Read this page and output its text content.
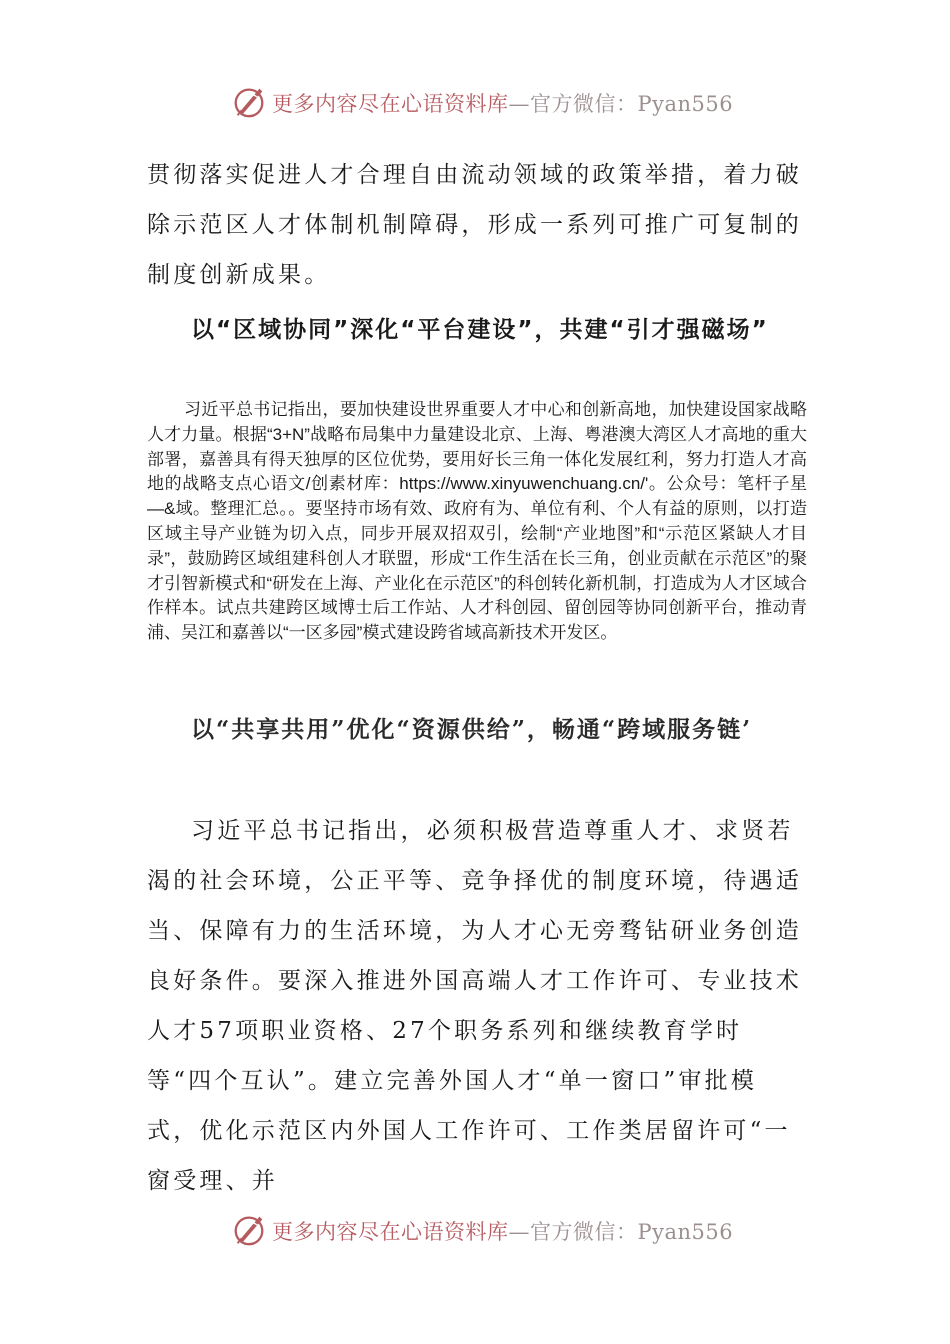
更多内容尽在心语资料库—官方微信：Pyan556
贯彻落实促进人才合理自由流动领域的政策举措，着力破除示范区人才体制机制障碍，形成一系列可推广可复制的制度创新成果。
以“区域协同”深化“平台建设”，共建“引才强磁场”
习近平总书记指出，要加快建设世界重要人才中心和创新高地，加快建设国家战略人才力量。根据“3+N”战略布局集中力量建设北京、上海、粤港澳大湾区人才高地的重大部署，嘉善具有得天独厚的区位优势，要用好长三角一体化发展红利，努力打造人才高地的战略支点心语文/创素材库：https://www.xinyuwenchuang.cn/'。公众号：笔杆子星—&域。整理汇总。。要坚持市场有效、政府有为、单位有利、个人有益的原则，以打造区域主导产业链为切入点，同步开展双招双引，绘制“产业地图”和“示范区紧缺人才目录”，鼓励跨区域组建科创人才联盟，形成“工作生活在长三角，创业贡献在示范区”的聚才引智新模式和“研发在上海、产业化在示范区”的科创转化新机制，打造成为人才区域合作样本。试点共建跨区域博士后工作站、人才科创园、留创园等协同创新平台，推动青浦、吴江和嘉善以“一区多园”模式建设跨省域高新技术开发区。
以“共享共用”优化“资源供给”，畅通“跨域服务链’
习近平总书记指出，必须积极营造尊重人才、求贤若渴的社会环境，公正平等、竞争择优的制度环境，待遇适当、保障有力的生活环境，为人才心无旁骛钻研业务创造良好条件。要深入推进外国高端人才工作许可、专业技术人才57项职业资格、27个职务系列和继续教育学时等“四个互认”。建立完善外国人才“单一窗口”审批模式，优化示范区内外国人工作许可、工作类居留许可“一窗受理、并
更多内容尽在心语资料库—官方微信：Pyan556
